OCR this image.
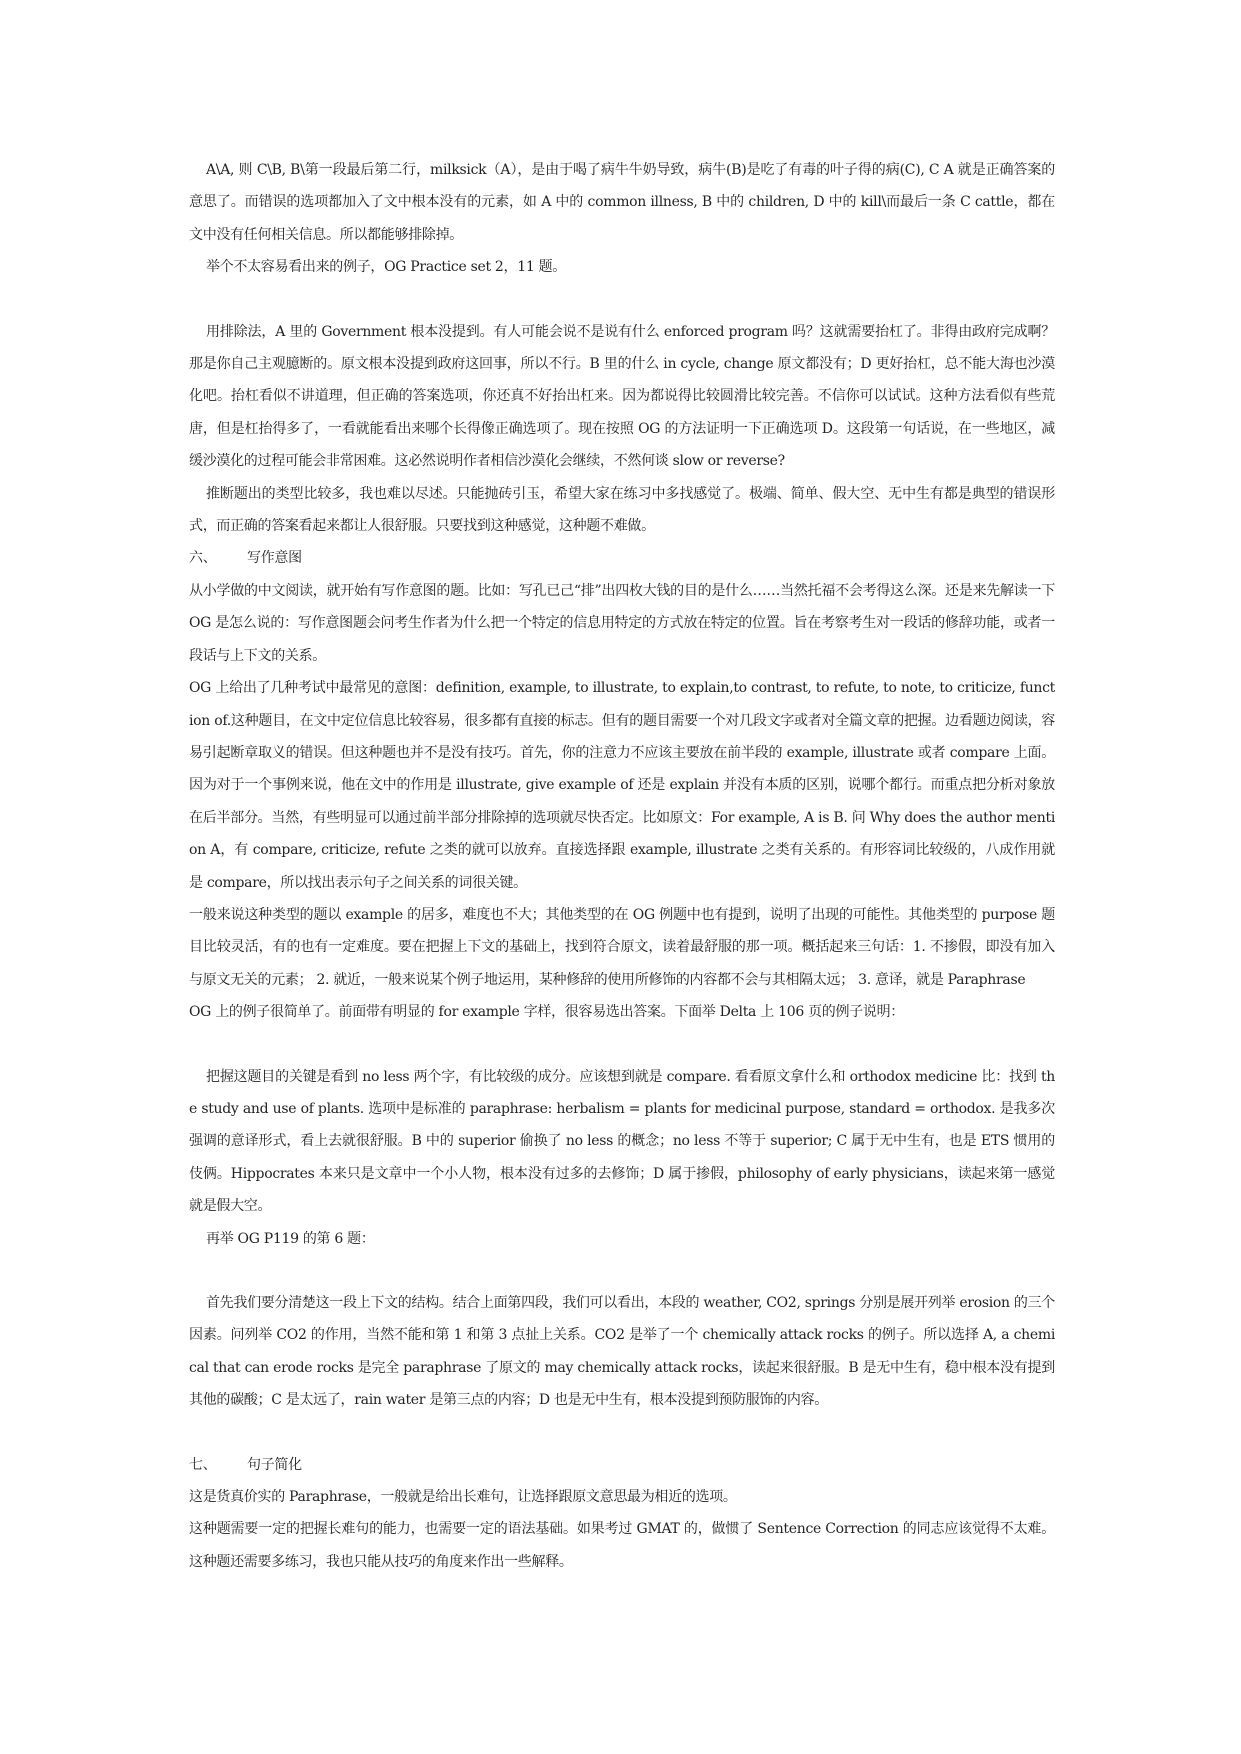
A\A, 则 C\B, B\第一段最后第二行，milksick（A），是由于喝了病牛牛奶导致，病牛(B)是吃了有毒的叶子得的病(C), C A 就是正确答案的意思了。而错误的选项都加入了文中根本没有的元素，如 A 中的 common illness, B 中的 children, D 中的 kill\而最后一条 C cattle，都在文中没有任何相关信息。所以都能够排除掉。

举个不太容易看出来的例子，OG Practice set 2，11 题。

用排除法，A 里的 Government 根本没提到。有人可能会说不是说有什么 enforced program 吗？这就需要抬杠了。非得由政府完成啊？那是你自己主观臆断的。原文根本没提到政府这回事，所以不行。B 里的什么 in cycle, change 原文都没有；D 更好抬杠，总不能大海也沙漠化吧。抬杠看似不讲道理，但正确的答案选项，你还真不好抬出杠来。因为都说得比较圆滑比较完善。不信你可以试试。这种方法看似有些荒唐，但是杠抬得多了，一看就能看出来哪个长得像正确选项了。现在按照 OG 的方法证明一下正确选项 D。这段第一句话说，在一些地区，减缓沙漠化的过程可能会非常困难。这必然说明作者相信沙漠化会继续，不然何谈 slow or reverse?

推断题出的类型比较多，我也难以尽述。只能抛砖引玉，希望大家在练习中多找感觉了。极端、简单、假大空、无中生有都是典型的错误形式，而正确的答案看起来都让人很舒服。只要找到这种感觉，这种题不难做。

六、 写作意图

从小学做的中文阅读，就开始有写作意图的题。比如：写孔已己“排”出四枚大钱的目的是什么……当然托福不会考得这么深。还是来先解读一下 OG 是怎么说的：写作意图题会问考生作者为什么把一个特定的信息用特定的方式放在特定的位置。旨在考察考生对一段话的修辞功能，或者一段话与上下文的关系。

OG 上给出了几种考试中最常见的意图：definition, example, to illustrate, to explain,to contrast, to refute, to note, to criticize, function of.这种题目，在文中定位信息比较容易，很多都有直接的标志。但有的题目需要一个对几段文字或者对全篇文章的把握。边看题边阅读，容易引起断章取义的错误。但这种题也并不是没有技巧。首先，你的注意力不应该主要放在前半段的 example, illustrate 或者 compare 上面。因为对于一个事例来说，他在文中的作用是 illustrate, give example of 还是 explain 并没有本质的区别，说哪个都行。而重点把分析对象放在后半部分。当然，有些明显可以通过前半部分排除掉的选项就尽快否定。比如原文：For example, A is B. 问 Why does the author mention A，有 compare, criticize, refute 之类的就可以放弃。直接选择跟 example, illustrate 之类有关系的。有形容词比较级的，八成作用就是 compare，所以找出表示句子之间关系的词很关键。

一般来说这种类型的题以 example 的居多，难度也不大；其他类型的在 OG 例题中也有提到，说明了出现的可能性。其他类型的 purpose 题目比较灵活，有的也有一定难度。要在把握上下文的基础上，找到符合原文，读着最舒服的那一项。概括起来三句话：1. 不掺假，即没有加入与原文无关的元素； 2. 就近，一般来说某个例子地运用，某种修辞的使用所修饰的内容都不会与其相隔太远； 3. 意译，就是 Paraphrase

OG 上的例子很简单了。前面带有明显的 for example 字样，很容易选出答案。下面举 Delta 上 106 页的例子说明：

把握这题目的关键是看到 no less 两个字，有比较级的成分。应该想到就是 compare. 看看原文拿什么和 orthodox medicine 比：找到 the study and use of plants. 选项中是标准的 paraphrase: herbalism = plants for medicinal purpose, standard = orthodox. 是我多次强调的意译形式，看上去就很舒服。B 中的 superior 偷换了 no less 的概念；no less 不等于 superior; C 属于无中生有，也是 ETS 惯用的伎俩。Hippocrates 本来只是文章中一个小人物，根本没有过多的去修饰；D 属于掺假，philosophy of early physicians，读起来第一感觉就是假大空。

再举 OG P119 的第 6 题：

首先我们要分清楚这一段上下文的结构。结合上面第四段，我们可以看出，本段的 weather, CO2, springs 分别是展开列举 erosion 的三个因素。问列举 CO2 的作用，当然不能和第 1 和第 3 点扯上关系。CO2 是举了一个 chemically attack rocks 的例子。所以选择 A, a chemical that can erode rocks 是完全 paraphrase 了原文的 may chemically attack rocks，读起来很舒服。B 是无中生有，稳中根本没有提到其他的碳酸；C 是太远了，rain water 是第三点的内容；D 也是无中生有，根本没提到预防服饰的内容。

七、 句子简化

这是货真价实的 Paraphrase，一般就是给出长难句，让选择跟原文意思最为相近的选项。

这种题需要一定的把握长难句的能力，也需要一定的语法基础。如果考过 GMAT 的，做惯了 Sentence Correction 的同志应该觉得不太难。这种题还需要多练习，我也只能从技巧的角度来作出一些解释。
